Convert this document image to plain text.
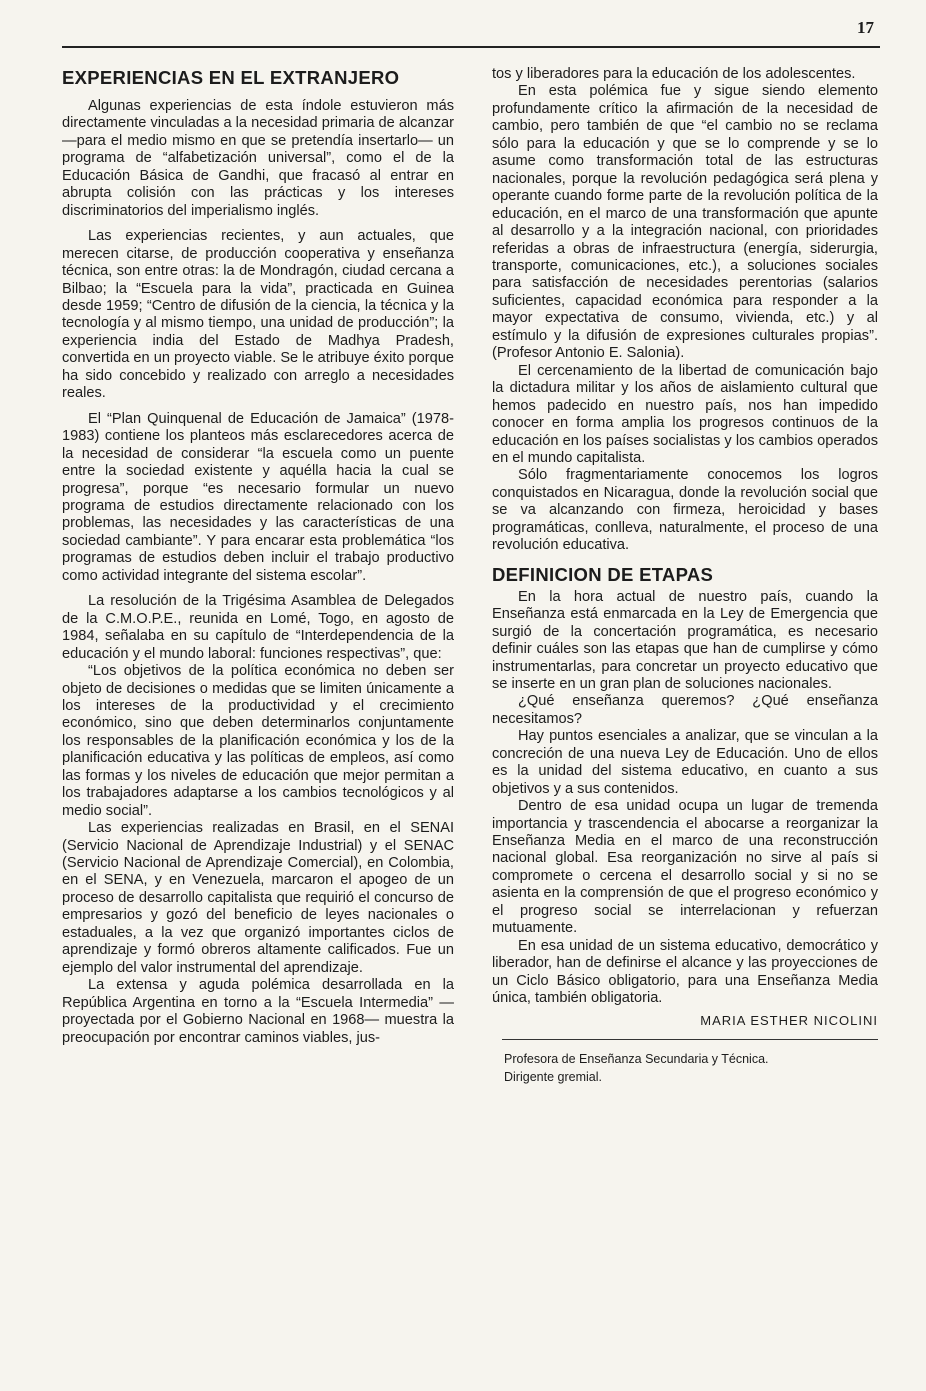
17
EXPERIENCIAS EN EL EXTRANJERO

Algunas experiencias de esta índole estuvieron más directamente vinculadas a la necesidad primaria de alcanzar —para el medio mismo en que se pretendía insertarlo— un programa de “alfabetización universal”, como el de la Educación Básica de Gandhi, que fracasó al entrar en abrupta colisión con las prácticas y los intereses discriminatorios del imperialismo inglés.

Las experiencias recientes, y aun actuales, que merecen citarse, de producción cooperativa y enseñanza técnica, son entre otras: la de Mondragón, ciudad cercana a Bilbao; la “Escuela para la vida”, practicada en Guinea desde 1959; “Centro de difusión de la ciencia, la técnica y la tecnología y al mismo tiempo, una unidad de producción”; la experiencia india del Estado de Madhya Pradesh, convertida en un proyecto viable. Se le atribuye éxito porque ha sido concebido y realizado con arreglo a necesidades reales.

El “Plan Quinquenal de Educación de Jamaica” (1978-1983) contiene los planteos más esclarecedores acerca de la necesidad de considerar “la escuela como un puente entre la sociedad existente y aquélla hacia la cual se progresa”, porque “es necesario formular un nuevo programa de estudios directamente relacionado con los problemas, las necesidades y las características de una sociedad cambiante”. Y para encarar esta problemática “los programas de estudios deben incluir el trabajo productivo como actividad integrante del sistema escolar”.

La resolución de la Trigésima Asamblea de Delegados de la C.M.O.P.E., reunida en Lomé, Togo, en agosto de 1984, señalaba en su capítulo de “Interdependencia de la educación y el mundo laboral: funciones respectivas”, que:

“Los objetivos de la política económica no deben ser objeto de decisiones o medidas que se limiten únicamente a los intereses de la productividad y el crecimiento económico, sino que deben determinarlos conjuntamente los responsables de la planificación económica y los de la planificación educativa y las políticas de empleos, así como las formas y los niveles de educación que mejor permitan a los trabajadores adaptarse a los cambios tecnológicos y al medio social”.

Las experiencias realizadas en Brasil, en el SENAI (Servicio Nacional de Aprendizaje Industrial) y el SENAC (Servicio Nacional de Aprendizaje Comercial), en Colombia, en el SENA, y en Venezuela, marcaron el apogeo de un proceso de desarrollo capitalista que requirió el concurso de empresarios y gozó del beneficio de leyes nacionales o estaduales, a la vez que organizó importantes ciclos de aprendizaje y formó obreros altamente calificados. Fue un ejemplo del valor instrumental del aprendizaje.

La extensa y aguda polémica desarrollada en la República Argentina en torno a la “Escuela Intermedia” —proyectada por el Gobierno Nacional en 1968— muestra la preocupación por encontrar caminos viables, jus-

tos y liberadores para la educación de los adolescentes.

En esta polémica fue y sigue siendo elemento profundamente crítico la afirmación de la necesidad de cambio, pero también de que “el cambio no se reclama sólo para la educación y que se lo comprende y se lo asume como transformación total de las estructuras nacionales, porque la revolución pedagógica será plena y operante cuando forme parte de la revolución política de la educación, en el marco de una transformación que apunte al desarrollo y a la integración nacional, con prioridades referidas a obras de infraestructura (energía, siderurgia, transporte, comunicaciones, etc.), a soluciones sociales para satisfacción de necesidades perentorias (salarios suficientes, capacidad económica para responder a la mayor expectativa de consumo, vivienda, etc.) y al estímulo y la difusión de expresiones culturales propias”. (Profesor Antonio E. Salonia).

El cercenamiento de la libertad de comunicación bajo la dictadura militar y los años de aislamiento cultural que hemos padecido en nuestro país, nos han impedido conocer en forma amplia los progresos continuos de la educación en los países socialistas y los cambios operados en el mundo capitalista.

Sólo fragmentariamente conocemos los logros conquistados en Nicaragua, donde la revolución social que se va alcanzando con firmeza, heroicidad y bases programáticas, conlleva, naturalmente, el proceso de una revolución educativa.

DEFINICION DE ETAPAS

En la hora actual de nuestro país, cuando la Enseñanza está enmarcada en la Ley de Emergencia que surgió de la concertación programática, es necesario definir cuáles son las etapas que han de cumplirse y cómo instrumentarlas, para concretar un proyecto educativo que se inserte en un gran plan de soluciones nacionales.

¿Qué enseñanza queremos? ¿Qué enseñanza necesitamos?

Hay puntos esenciales a analizar, que se vinculan a la concreción de una nueva Ley de Educación. Uno de ellos es la unidad del sistema educativo, en cuanto a sus objetivos y a sus contenidos.

Dentro de esa unidad ocupa un lugar de tremenda importancia y trascendencia el abocarse a reorganizar la Enseñanza Media en el marco de una reconstrucción nacional global. Esa reorganización no sirve al país si compromete o cercena el desarrollo social y si no se asienta en la comprensión de que el progreso económico y el progreso social se interrelacionan y refuerzan mutuamente.

En esa unidad de un sistema educativo, democrático y liberador, han de definirse el alcance y las proyecciones de un Ciclo Básico obligatorio, para una Enseñanza Media única, también obligatoria.

MARIA ESTHER NICOLINI

Profesora de Enseñanza Secundaria y Técnica.
Dirigente gremial.
